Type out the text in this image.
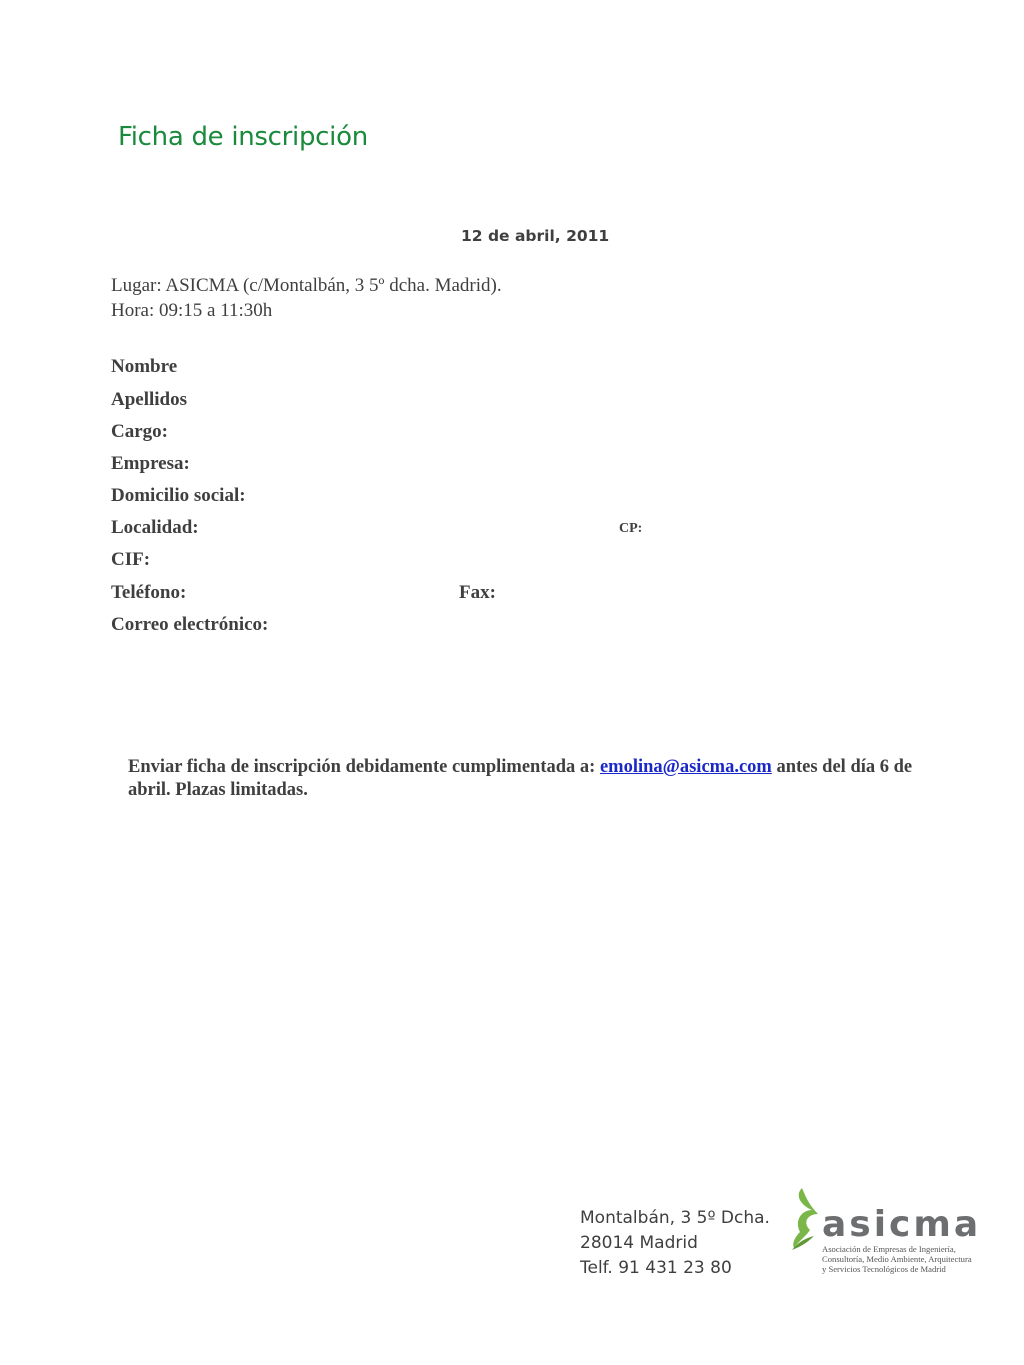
Ficha de inscripción
12 de abril, 2011
Lugar: ASICMA (c/Montalbán, 3 5º dcha. Madrid).
Hora: 09:15 a 11:30h
Nombre
Apellidos
Cargo:
Empresa:
Domicilio social:
Localidad:	CP:
CIF:
Teléfono:	Fax:
Correo electrónico:
Enviar ficha de inscripción debidamente cumplimentada a: emolina@asicma.com antes del día 6 de abril. Plazas limitadas.
Montalbán, 3 5º Dcha.
28014 Madrid
Telf. 91 431 23 80
asicma
Asociación de Empresas de Ingeniería,
Consultoría, Medio Ambiente, Arquitectura
y Servicios Tecnológicos de Madrid
